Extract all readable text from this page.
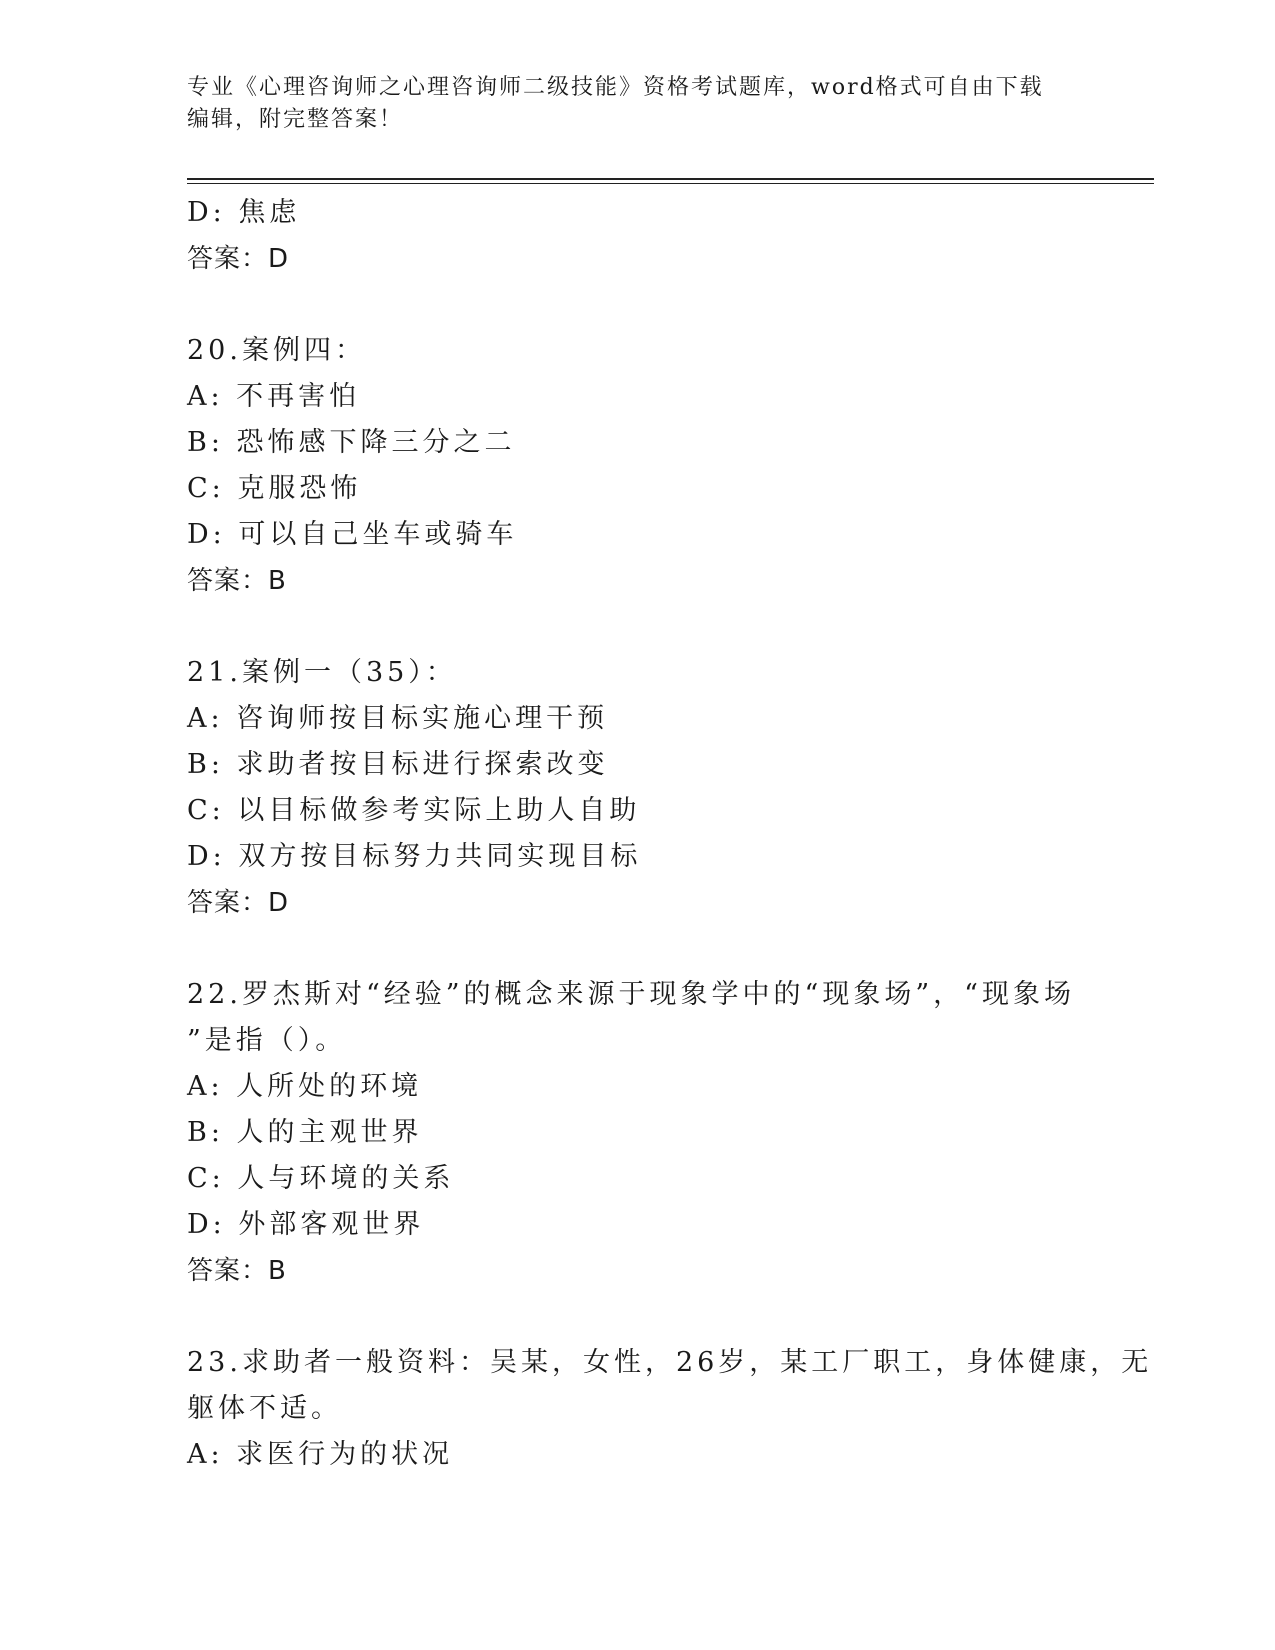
专业《心理咨询师之心理咨询师二级技能》资格考试题库，word格式可自由下载
编辑，附完整答案！
D: 焦虑
答案：D
20.案例四：
A: 不再害怕
B: 恐怖感下降三分之二
C: 克服恐怖
D: 可以自己坐车或骑车
答案：B
21.案例一（35）：
A: 咨询师按目标实施心理干预
B: 求助者按目标进行探索改变
C: 以目标做参考实际上助人自助
D: 双方按目标努力共同实现目标
答案：D
22.罗杰斯对“经验”的概念来源于现象学中的“现象场”，“现象场
”是指（）。
A: 人所处的环境
B: 人的主观世界
C: 人与环境的关系
D: 外部客观世界
答案：B
23.求助者一般资料：吴某，女性，26岁，某工厂职工，身体健康，无
躯体不适。
A: 求医行为的状况
